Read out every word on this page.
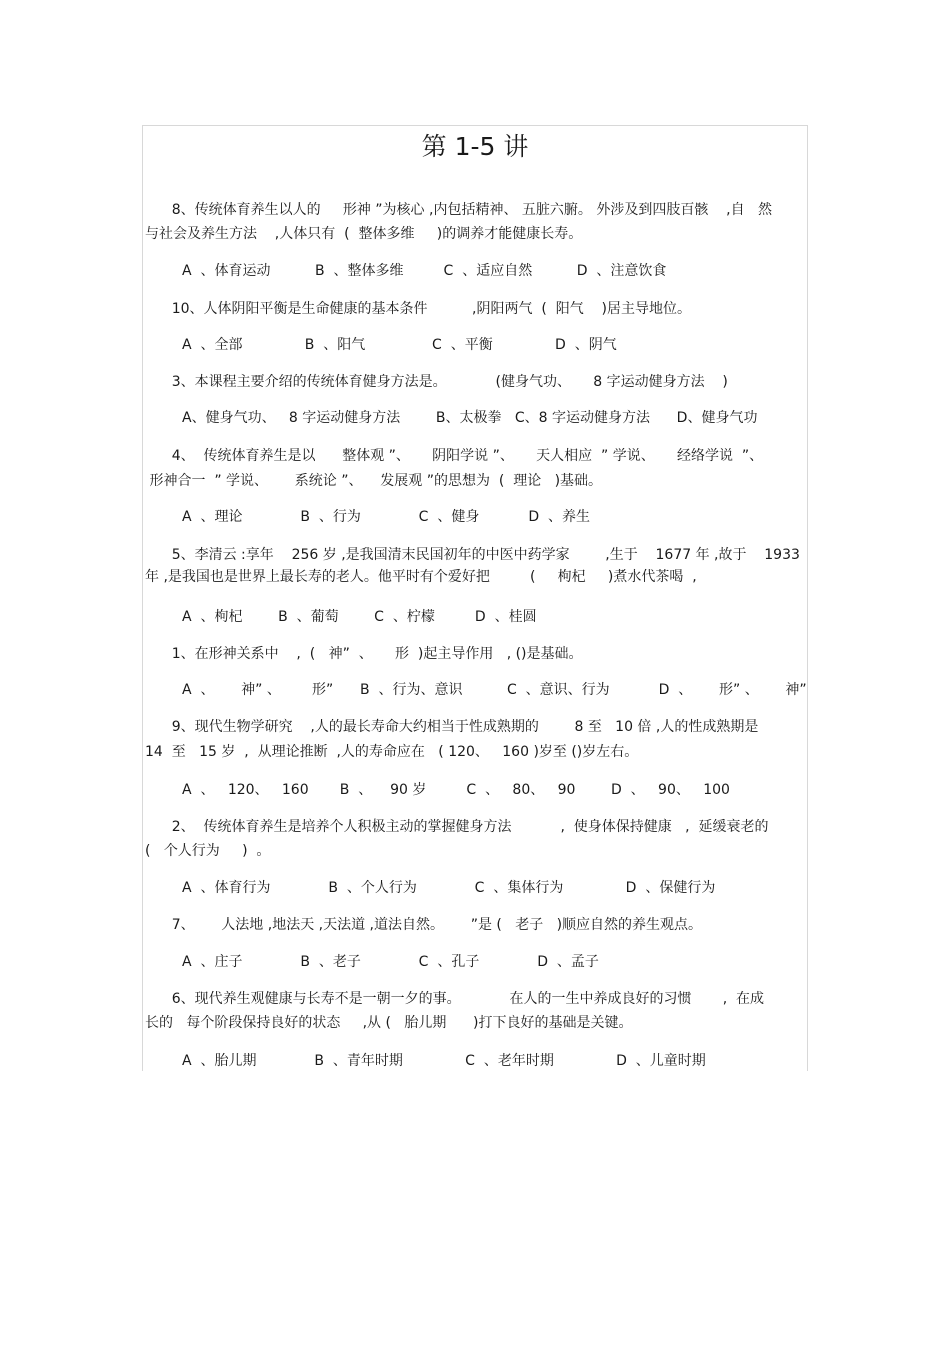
第 1-5 讲

8、传统体育养生以人的     形神 ”为核心 ,内包括精神、 五脏六腑。 外涉及到四肢百骸    ,自   然

与社会及养生方法    ,人体只有  (  整体多维     )的调养才能健康长寿。

A  、体育运动          B  、整体多维         C  、适应自然          D  、注意饮食

10、人体阴阳平衡是生命健康的基本条件          ,阴阳两气  (  阳气    )居主导地位。

A  、全部              B  、阳气               C  、平衡              D  、阴气

3、本课程主要介绍的传统体育健身方法是。           (健身气功、     8 字运动健身方法    )

A、健身气功、   8 字运动健身方法        B、太极拳   C、8 字运动健身方法      D、健身气功

4、  传统体育养生是以      整体观 ”、     阴阳学说 ”、     天人相应  ” 学说、     经络学说  ”、

形神合一  ” 学说、      系统论 ”、    发展观 ”的思想为  (  理论   )基础。

A  、理论             B  、行为             C  、健身           D  、养生

5、李清云 :享年    256 岁 ,是我国清末民国初年的中医中药学家        ,生于    1677 年 ,故于    1933

年 ,是我国也是世界上最长寿的老人。他平时有个爱好把         (     枸杞     )煮水代茶喝  ,

A  、枸杞        B  、葡萄        C  、柠檬         D  、桂圆

1、在形神关系中    ,  (   神”  、     形  )起主导作用   , ()是基础。

A  、      神” 、       形”      B  、行为、意识          C  、意识、行为           D  、      形” 、      神”

9、现代生物学研究    ,人的最长寿命大约相当于性成熟期的        8 至   10 倍 ,人的性成熟期是

14  至   15 岁  ,  从理论推断  ,人的寿命应在   ( 120、   160 )岁至 ()岁左右。

A  、   120、   160       B  、    90 岁         C  、   80、   90        D  、   90、   100

2、  传统体育养生是培养个人积极主动的掌握健身方法           ,  使身体保持健康   ,  延缓衰老的

(   个人行为     )  。

A  、体育行为             B  、个人行为             C  、集体行为              D  、保健行为

7、      人法地 ,地法天 ,天法道 ,道法自然。      ”是 (   老子   )顺应自然的养生观点。

A  、庄子             B  、老子             C  、孔子             D  、孟子

6、现代养生观健康与长寿不是一朝一夕的事。           在人的一生中养成良好的习惯       ,  在成

长的   每个阶段保持良好的状态     ,从 (   胎儿期      )打下良好的基础是关键。

A  、胎儿期             B  、青年时期              C  、老年时期              D  、儿童时期
